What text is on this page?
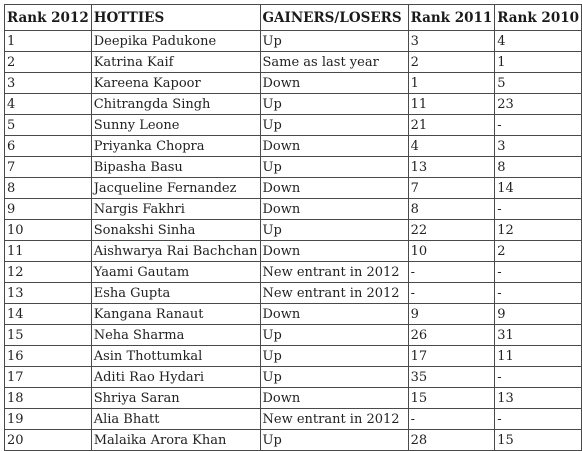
Rank 2012	HOTTIES	GAINERS/LOSERS	Rank 2011	Rank 2010
1	Deepika Padukone	Up	3	4
2	Katrina Kaif	Same as last year	2	1
3	Kareena Kapoor	Down	1	5
4	Chitrangda Singh	Up	11	23
5	Sunny Leone	Up	21	-
6	Priyanka Chopra	Down	4	3
7	Bipasha Basu	Up	13	8
8	Jacqueline Fernandez	Down	7	14
9	Nargis Fakhri	Down	8	-
10	Sonakshi Sinha	Up	22	12
11	Aishwarya Rai Bachchan	Down	10	2
12	Yaami Gautam	New entrant in 2012	-	-
13	Esha Gupta	New entrant in 2012	-	-
14	Kangana Ranaut	Down	9	9
15	Neha Sharma	Up	26	31
16	Asin Thottumkal	Up	17	11
17	Aditi Rao Hydari	Up	35	-
18	Shriya Saran	Down	15	13
19	Alia Bhatt	New entrant in 2012	-	-
20	Malaika Arora Khan	Up	28	15
